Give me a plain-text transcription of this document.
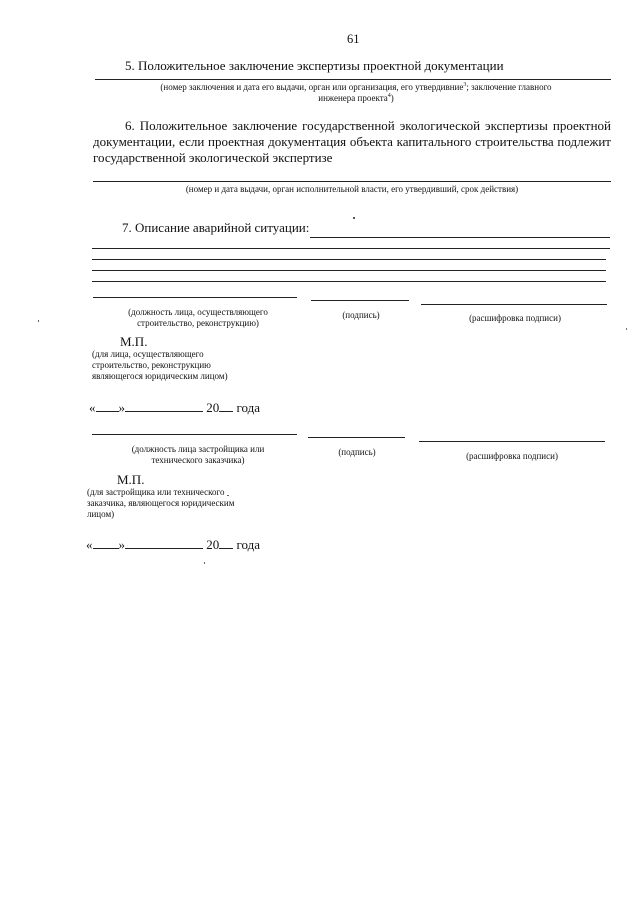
61
5. Положительное заключение экспертизы проектной документации
(номер заключения и дата его выдачи, орган или организация, его утвердивние$^3$; заключение главного
инженера проекта$^4$)
6. Положительное заключение государственной экологической экспертизы проектной документации, если проектная документация объекта капитального строительства подлежит государственной экологической экспертизе
(номер и дата выдачи, орган исполнительной власти, его утвердивший, срок действия)
7. Описание аварийной ситуации:
(должность лица, осуществляющего строительство, реконструкцию)
(подпись)	(расшифровка подписи)
М.П.
(для лица, осуществляющего строительство, реконструкцию являющегося юридическим лицом)
« »	20 года
(должность лица застройщика или технического заказчика)
(подпись)	(расшифровка подписи)
М.П.
(для застройщика или технического заказчика, являющегося юридическим лицом)
« »	20 года
